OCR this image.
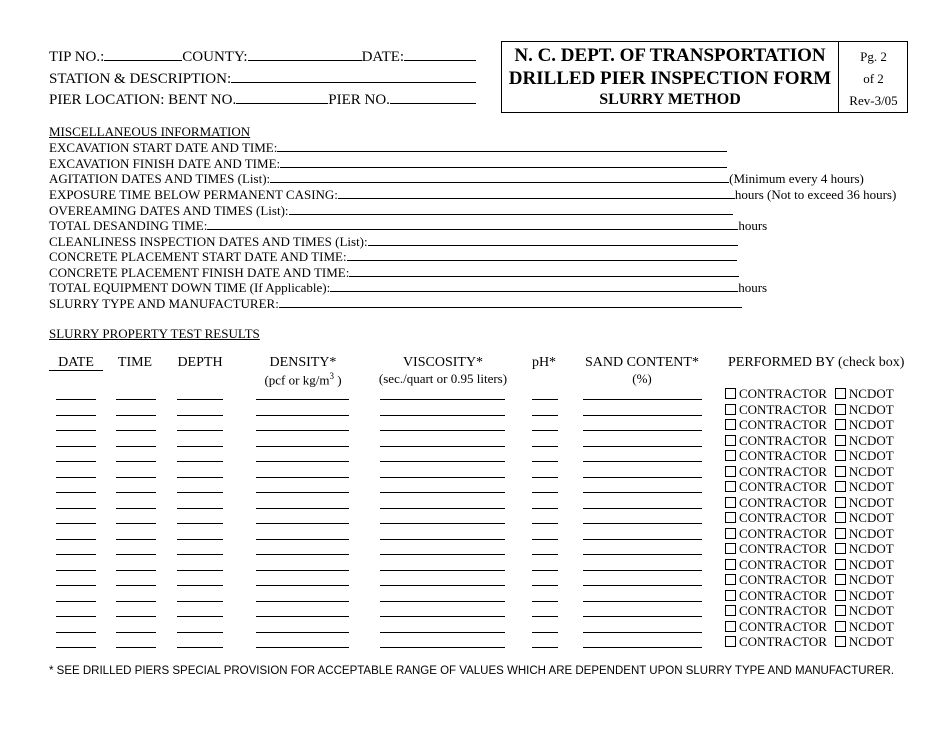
TIP NO.:	COUNTY:	DATE:
STATION & DESCRIPTION:
PIER LOCATION: BENT NO.	PIER NO.
N. C. DEPT. OF TRANSPORTATION
DRILLED PIER INSPECTION FORM
SLURRY METHOD
Pg. 2
of 2
Rev-3/05
MISCELLANEOUS INFORMATION
EXCAVATION START DATE AND TIME:
EXCAVATION FINISH DATE AND TIME:
AGITATION DATES AND TIMES (List):	(Minimum every 4 hours)
EXPOSURE TIME BELOW PERMANENT CASING:	hours (Not to exceed 36 hours)
OVEREAMING DATES AND TIMES (List):
TOTAL DESANDING TIME:	hours
CLEANLINESS INSPECTION DATES AND TIMES (List):
CONCRETE PLACEMENT START DATE AND TIME:
CONCRETE PLACEMENT FINISH DATE AND TIME:
TOTAL EQUIPMENT DOWN TIME (If Applicable):	hours
SLURRY TYPE AND MANUFACTURER:
SLURRY PROPERTY TEST RESULTS
DATE	TIME	DEPTH	DENSITY*	VISCOSITY*	pH*	SAND CONTENT*	PERFORMED BY (check box)
(pcf or $kg/m^3$ )	(sec./quart or 0.95 liters)	(%)
CONTRACTOR NCDOT
CONTRACTOR NCDOT
CONTRACTOR NCDOT
CONTRACTOR NCDOT
CONTRACTOR NCDOT
CONTRACTOR NCDOT
CONTRACTOR NCDOT
CONTRACTOR NCDOT
CONTRACTOR NCDOT
CONTRACTOR NCDOT
CONTRACTOR NCDOT
CONTRACTOR NCDOT
CONTRACTOR NCDOT
CONTRACTOR NCDOT
CONTRACTOR NCDOT
CONTRACTOR NCDOT
CONTRACTOR NCDOT
* SEE DRILLED PIERS SPECIAL PROVISION FOR ACCEPTABLE RANGE OF VALUES WHICH ARE DEPENDENT UPON SLURRY TYPE AND MANUFACTURER.
